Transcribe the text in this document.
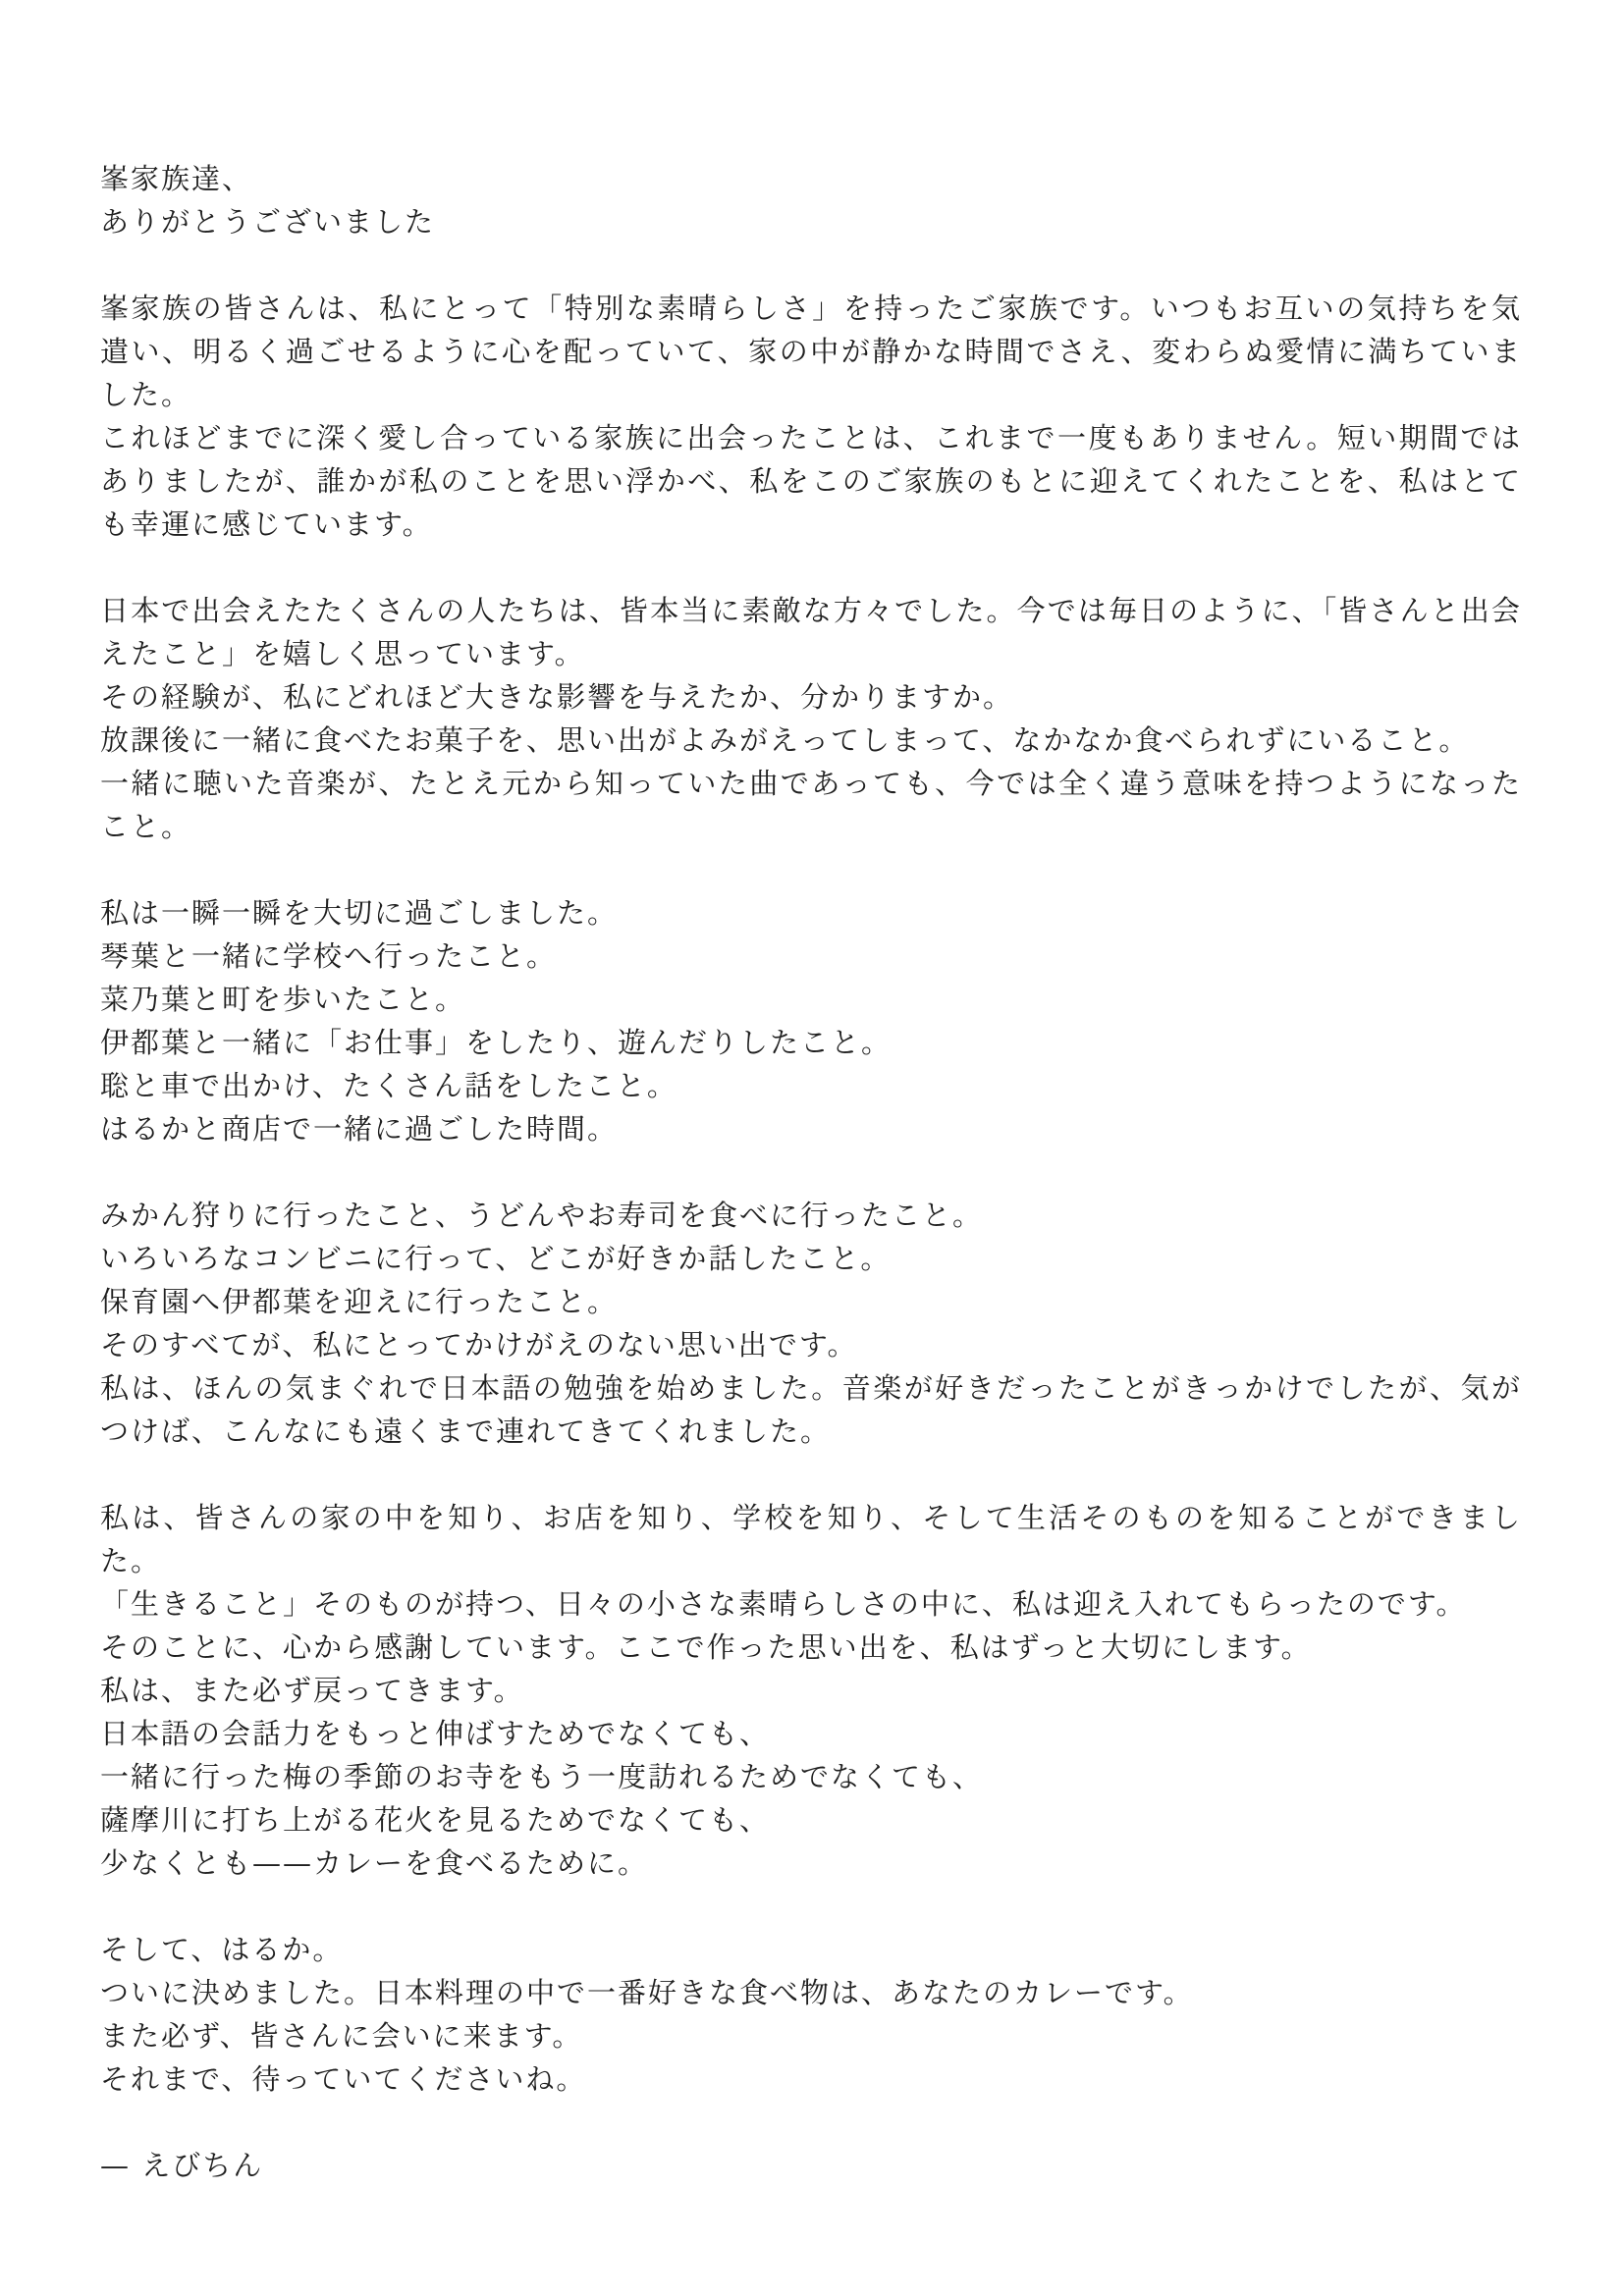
峯家族達、

ありがとうございました

峯家族の皆さんは、私にとって「特別な素晴らしさ」を持ったご家族です。いつもお互いの気持ちを気遣い、明るく過ごせるように心を配っていて、家の中が静かな時間でさえ、変わらぬ愛情に満ちていました。

これほどまでに深く愛し合っている家族に出会ったことは、これまで一度もありません。短い期間ではありましたが、誰かが私のことを思い浮かべ、私をこのご家族のもとに迎えてくれたことを、私はとても幸運に感じています。

日本で出会えたたくさんの人たちは、皆本当に素敵な方々でした。今では毎日のように、「皆さんと出会えたこと」を嬉しく思っています。

その経験が、私にどれほど大きな影響を与えたか、分かりますか。

放課後に一緒に食べたお菓子を、思い出がよみがえってしまって、なかなか食べられずにいること。

一緒に聴いた音楽が、たとえ元から知っていた曲であっても、今では全く違う意味を持つようになったこと。

私は一瞬一瞬を大切に過ごしました。

琴葉と一緒に学校へ行ったこと。

菜乃葉と町を歩いたこと。

伊都葉と一緒に「お仕事」をしたり、遊んだりしたこと。

聡と車で出かけ、たくさん話をしたこと。

はるかと商店で一緒に過ごした時間。

みかん狩りに行ったこと、うどんやお寿司を食べに行ったこと。

いろいろなコンビニに行って、どこが好きか話したこと。

保育園へ伊都葉を迎えに行ったこと。

そのすべてが、私にとってかけがえのない思い出です。

私は、ほんの気まぐれで日本語の勉強を始めました。音楽が好きだったことがきっかけでしたが、気がつけば、こんなにも遠くまで連れてきてくれました。

私は、皆さんの家の中を知り、お店を知り、学校を知り、そして生活そのものを知ることができました。

「生きること」そのものが持つ、日々の小さな素晴らしさの中に、私は迎え入れてもらったのです。

そのことに、心から感謝しています。ここで作った思い出を、私はずっと大切にします。

私は、また必ず戻ってきます。

日本語の会話力をもっと伸ばすためでなくても、

一緒に行った梅の季節のお寺をもう一度訪れるためでなくても、

薩摩川に打ち上がる花火を見るためでなくても、

少なくとも——カレーを食べるために。

そして、はるか。

ついに決めました。日本料理の中で一番好きな食べ物は、あなたのカレーです。

また必ず、皆さんに会いに来ます。

それまで、待っていてくださいね。

— えびちん
